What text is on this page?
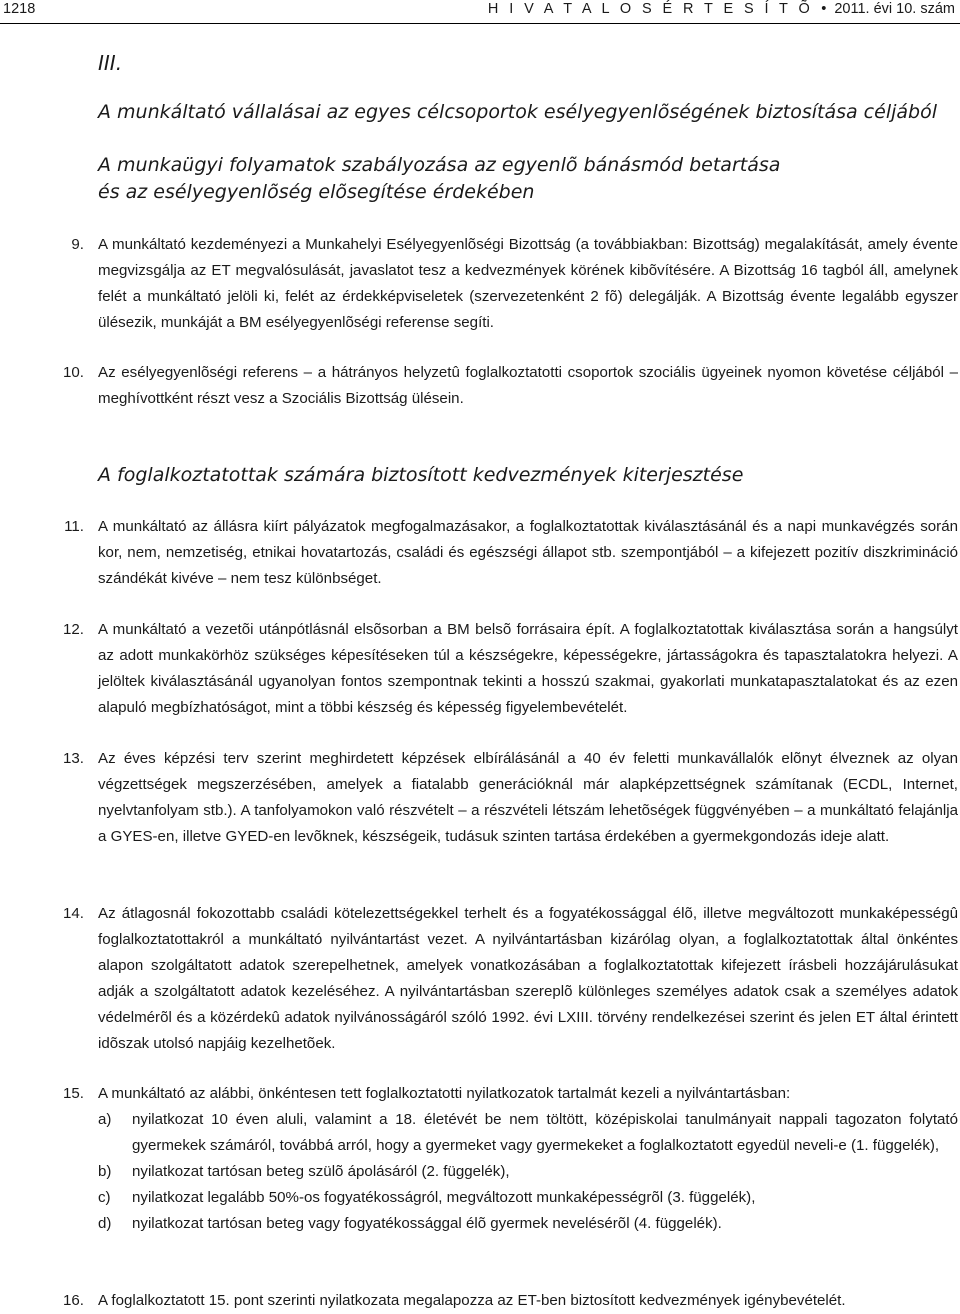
1218	H I V A T A L O S É R T E S Í T Õ • 2011. évi 10. szám
III.
A munkáltató vállalásai az egyes célcsoportok esélyegyenlõségének biztosítása céljából
A munkaügyi folyamatok szabályozása az egyenlõ bánásmód betartása
és az esélyegyenlõség elõsegítése érdekében
9. A munkáltató kezdeményezi a Munkahelyi Esélyegyenlõségi Bizottság (a továbbiakban: Bizottság) megalakítását, amely évente megvizsgálja az ET megvalósulását, javaslatot tesz a kedvezmények körének kibõvítésére. A Bizottság 16 tagból áll, amelynek felét a munkáltató jelöli ki, felét az érdekképviseletek (szervezetenként 2 fõ) delegálják. A Bizottság évente legalább egyszer ülésezik, munkáját a BM esélyegyenlõségi referense segíti.
10. Az esélyegyenlõségi referens – a hátrányos helyzetû foglalkoztatotti csoportok szociális ügyeinek nyomon követése céljából – meghívottként részt vesz a Szociális Bizottság ülésein.
A foglalkoztatottak számára biztosított kedvezmények kiterjesztése
11. A munkáltató az állásra kiírt pályázatok megfogalmazásakor, a foglalkoztatottak kiválasztásánál és a napi munkavégzés során kor, nem, nemzetiség, etnikai hovatartozás, családi és egészségi állapot stb. szempontjából – a kifejezett pozitív diszkrimináció szándékát kivéve – nem tesz különbséget.
12. A munkáltató a vezetõi utánpótlásnál elsõsorban a BM belsõ forrásaira épít. A foglalkoztatottak kiválasztása során a hangsúlyt az adott munkakörhöz szükséges képesítéseken túl a készségekre, képességekre, jártasságokra és tapasztalatokra helyezi. A jelöltek kiválasztásánál ugyanolyan fontos szempontnak tekinti a hosszú szakmai, gyakorlati munkatapasztalatokat és az ezen alapuló megbízhatóságot, mint a többi készség és képesség figyelembevételét.
13. Az éves képzési terv szerint meghirdetett képzések elbírálásánál a 40 év feletti munkavállalók elõnyt élveznek az olyan végzettségek megszerzésében, amelyek a fiatalabb generációknál már alapképzettségnek számítanak (ECDL, Internet, nyelvtanfolyam stb.). A tanfolyamokon való részvételt – a részvételi létszám lehetõségek függvényében – a munkáltató felajánlja a GYES-en, illetve GYED-en levõknek, készségeik, tudásuk szinten tartása érdekében a gyermekgondozás ideje alatt.
14. Az átlagosnál fokozottabb családi kötelezettségekkel terhelt és a fogyatékossággal élõ, illetve megváltozott munkaképességû foglalkoztatottakról a munkáltató nyilvántartást vezet. A nyilvántartásban kizárólag olyan, a foglalkoztatottak által önkéntes alapon szolgáltatott adatok szerepelhetnek, amelyek vonatkozásában a foglalkoztatottak kifejezett írásbeli hozzájárulásukat adják a szolgáltatott adatok kezeléséhez. A nyilvántartásban szereplõ különleges személyes adatok csak a személyes adatok védelmérõl és a közérdekû adatok nyilvánosságáról szóló 1992. évi LXIII. törvény rendelkezései szerint és jelen ET által érintett idõszak utolsó napjáig kezelhetõek.
15. A munkáltató az alábbi, önkéntesen tett foglalkoztatotti nyilatkozatok tartalmát kezeli a nyilvántartásban:
a) nyilatkozat 10 éven aluli, valamint a 18. életévét be nem töltött, középiskolai tanulmányait nappali tagozaton folytató gyermekek számáról, továbbá arról, hogy a gyermeket vagy gyermekeket a foglalkoztatott egyedül neveli-e (1. függelék),
b) nyilatkozat tartósan beteg szülõ ápolásáról (2. függelék),
c) nyilatkozat legalább 50%-os fogyatékosságról, megváltozott munkaképességrõl (3. függelék),
d) nyilatkozat tartósan beteg vagy fogyatékossággal élõ gyermek nevelésérõl (4. függelék).
16. A foglalkoztatott 15. pont szerinti nyilatkozata megalapozza az ET-ben biztosított kedvezmények igénybevételét.
